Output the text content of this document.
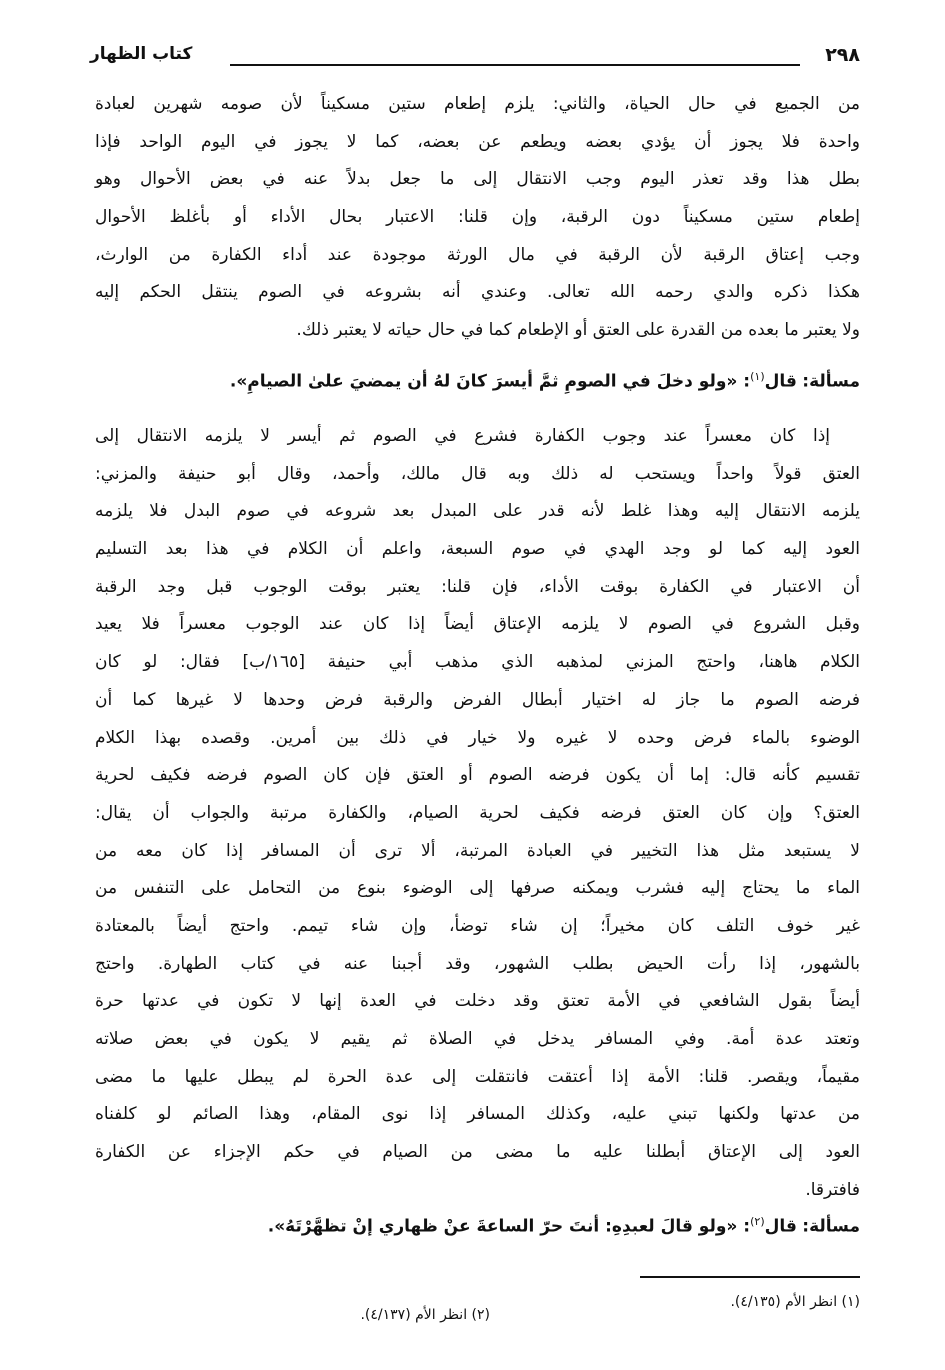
٢٩٨
كتاب الظهار
من الجميع في حال الحياة، والثاني: يلزم إطعام ستين مسكيناً لأن صومه شهرين لعبادة
واحدة فلا يجوز أن يؤدي بعضه ويطعم عن بعضه، كما لا يجوز في اليوم الواحد فإذا
بطل هذا وقد تعذر اليوم وجب الانتقال إلى ما جعل بدلاً عنه في بعض الأحوال وهو
إطعام ستين مسكيناً دون الرقبة، وإن قلنا: الاعتبار بحال الأداء أو بأغلظ الأحوال
وجب إعتاق الرقبة لأن الرقبة في مال الورثة موجودة عند أداء الكفارة من الوارث،
هكذا ذكره والدي رحمه الله تعالى. وعندي أنه بشروعه في الصوم ينتقل الحكم إليه
ولا يعتبر ما بعده من القدرة على العتق أو الإطعام كما في حال حياته لا يعتبر ذلك.
مسألة: قال$^{(١)}$: «ولو دخلَ في الصومِ ثمَّ أيسرَ كانَ لهُ أن يمضيَ علىٰ الصيامِ».
إذا كان معسراً عند وجوب الكفارة فشرع في الصوم ثم أيسر لا يلزمه الانتقال إلى
العتق قولاً واحداً ويستحب له ذلك وبه قال مالك، وأحمد، وقال أبو حنيفة والمزني:
يلزمه الانتقال إليه وهذا غلط لأنه قدر على المبدل بعد شروعه في صوم البدل فلا يلزمه
العود إليه كما لو وجد الهدي في صوم السبعة، واعلم أن الكلام في هذا بعد التسليم
أن الاعتبار في الكفارة بوقت الأداء، فإن قلنا: يعتبر بوقت الوجوب قبل وجد الرقبة
وقبل الشروع في الصوم لا يلزمه الإعتاق أيضاً إذا كان عند الوجوب معسراً فلا يعيد
الكلام هاهنا، واحتج المزني لمذهبه الذي مذهب أبي حنيفة [١٦٥/ب] فقال: لو كان
فرضه الصوم ما جاز له اختيار أبطال الفرض والرقبة فرض وحدها لا غيرها كما أن
الوضوء بالماء فرض وحده لا غيره ولا خيار في ذلك بين أمرين. وقصده بهذا الكلام
تقسيم كأنه قال: إما أن يكون فرضه الصوم أو العتق فإن كان الصوم فرضه فكيف لحرية
العتق؟ وإن كان العتق فرضه فكيف لحرية الصيام، والكفارة مرتبة والجواب أن يقال:
لا يستبعد مثل هذا التخيير في العبادة المرتبة، ألا ترى أن المسافر إذا كان معه من
الماء ما يحتاج إليه فشرب ويمكنه صرفها إلى الوضوء بنوع من التحامل على التنفس من
غير خوف التلف كان مخيراً؛ إن شاء توضأ، وإن شاء تيمم. واحتج أيضاً بالمعتادة
بالشهور، إذا رأت الحيض بطلب الشهور، وقد أجبنا عنه في كتاب الطهارة. واحتج
أيضاً بقول الشافعي في الأمة تعتق وقد دخلت في العدة إنها لا تكون في عدتها حرة
وتعتد عدة أمة. وفي المسافر يدخل في الصلاة ثم يقيم لا يكون في بعض صلاته
مقيماً، ويقصر. قلنا: الأمة إذا أعتقت فانتقلت إلى عدة الحرة لم يبطل عليها ما مضى
من عدتها ولكنها تبني عليه، وكذلك المسافر إذا نوى المقام، وهذا الصائم لو كلفناه
العود إلى الإعتاق أبطلنا عليه ما مضى من الصيام في حكم الإجزاء عن الكفارة
فافترقا.
مسألة: قال$^{(٢)}$: «ولو قالَ لعبدِهِ: أنتَ حرّ الساعةَ عنْ ظهاري إنْ تظهَّرْتَهُ».
(١) انظر الأم (٤/١٣٥).
(٢) انظر الأم (٤/١٣٧).
